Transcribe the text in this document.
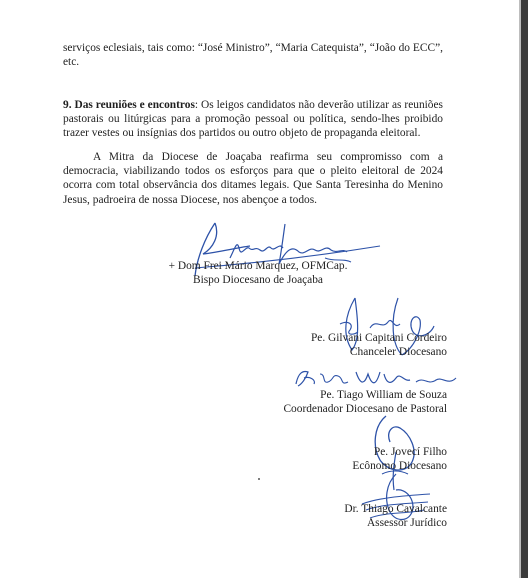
serviços eclesiais, tais como: “José Ministro”, “Maria Catequista”, “João do ECC”, etc.

9. Das reuniões e encontros: Os leigos candidatos não deverão utilizar as reuniões pastorais ou litúrgicas para a promoção pessoal ou política, sendo-lhes proibido trazer vestes ou insígnias dos partidos ou outro objeto de propaganda eleitoral.

A Mitra da Diocese de Joaçaba reafirma seu compromisso com a democracia, viabilizando todos os esforços para que o pleito eleitoral de 2024 ocorra com total observância dos ditames legais. Que Santa Teresinha do Menino Jesus, padroeira de nossa Diocese, nos abençoe a todos.

+ Dom Frei Mário Marquez, OFMCap.
Bispo Diocesano de Joaçaba
Pe. Gilvani Capitani Cordeiro
Chanceler Diocesano
Pe. Tiago William de Souza
Coordenador Diocesano de Pastoral
Pe. Jovecí Filho
Ecônomo Diocesano
Dr. Thiago Cavalcante
Assessor Jurídico
